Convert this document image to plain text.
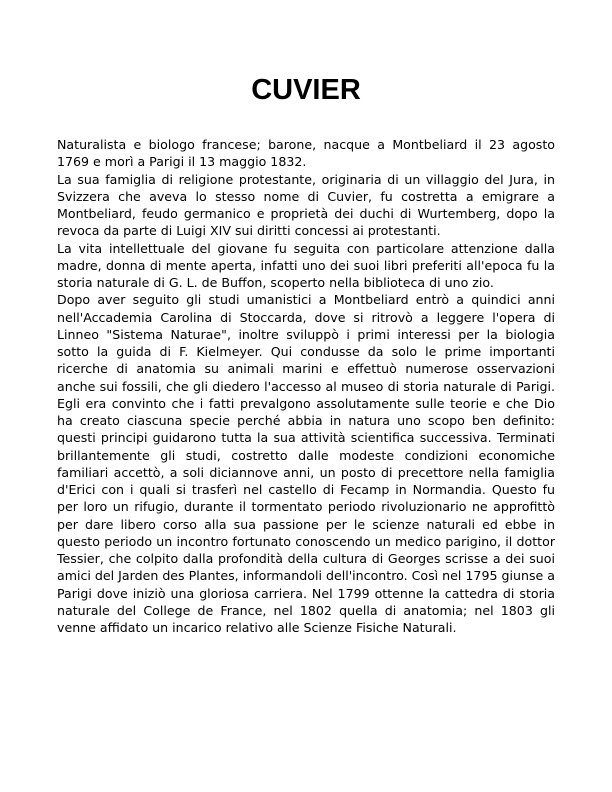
CUVIER

Naturalista e biologo francese; barone, nacque a Montbeliard il 23 agosto 1769 e morì a Parigi il 13 maggio 1832.

La sua famiglia di religione protestante, originaria di un villaggio del Jura, in Svizzera che aveva lo stesso nome di Cuvier, fu costretta a emigrare a Montbeliard, feudo germanico e proprietà dei duchi di Wurtemberg, dopo la revoca da parte di Luigi XIV sui diritti concessi ai protestanti.

La vita intellettuale del giovane fu seguita con particolare attenzione dalla madre, donna di mente aperta, infatti uno dei suoi libri preferiti all'epoca fu la storia naturale di G. L. de Buffon, scoperto nella biblioteca di uno zio.

Dopo aver seguito gli studi umanistici a Montbeliard entrò a quindici anni nell'Accademia Carolina di Stoccarda, dove si ritrovò a leggere l'opera di Linneo "Sistema Naturae", inoltre sviluppò i primi interessi per la biologia sotto la guida di F. Kielmeyer. Qui condusse da solo le prime importanti ricerche di anatomia su animali marini e effettuò numerose osservazioni anche sui fossili, che gli diedero l'accesso al museo di storia naturale di Parigi. Egli era convinto che i fatti prevalgono assolutamente sulle teorie e che Dio ha creato ciascuna specie perché abbia in natura uno scopo ben definito: questi principi guidarono tutta la sua attività scientifica successiva. Terminati brillantemente gli studi, costretto dalle modeste condizioni economiche familiari accettò, a soli diciannove anni, un posto di precettore nella famiglia d'Erici con i quali si trasferì nel castello di Fecamp in Normandia. Questo fu per loro un rifugio, durante il tormentato periodo rivoluzionario ne approfittò per dare libero corso alla sua passione per le scienze naturali ed ebbe in questo periodo un incontro fortunato conoscendo un medico parigino, il dottor Tessier, che colpito dalla profondità della cultura di Georges scrisse a dei suoi amici del Jarden des Plantes, informandoli dell'incontro. Così nel 1795 giunse a Parigi dove iniziò una gloriosa carriera. Nel 1799 ottenne la cattedra di storia naturale del College de France, nel 1802 quella di anatomia; nel 1803 gli venne affidato un incarico relativo alle Scienze Fisiche Naturali.
